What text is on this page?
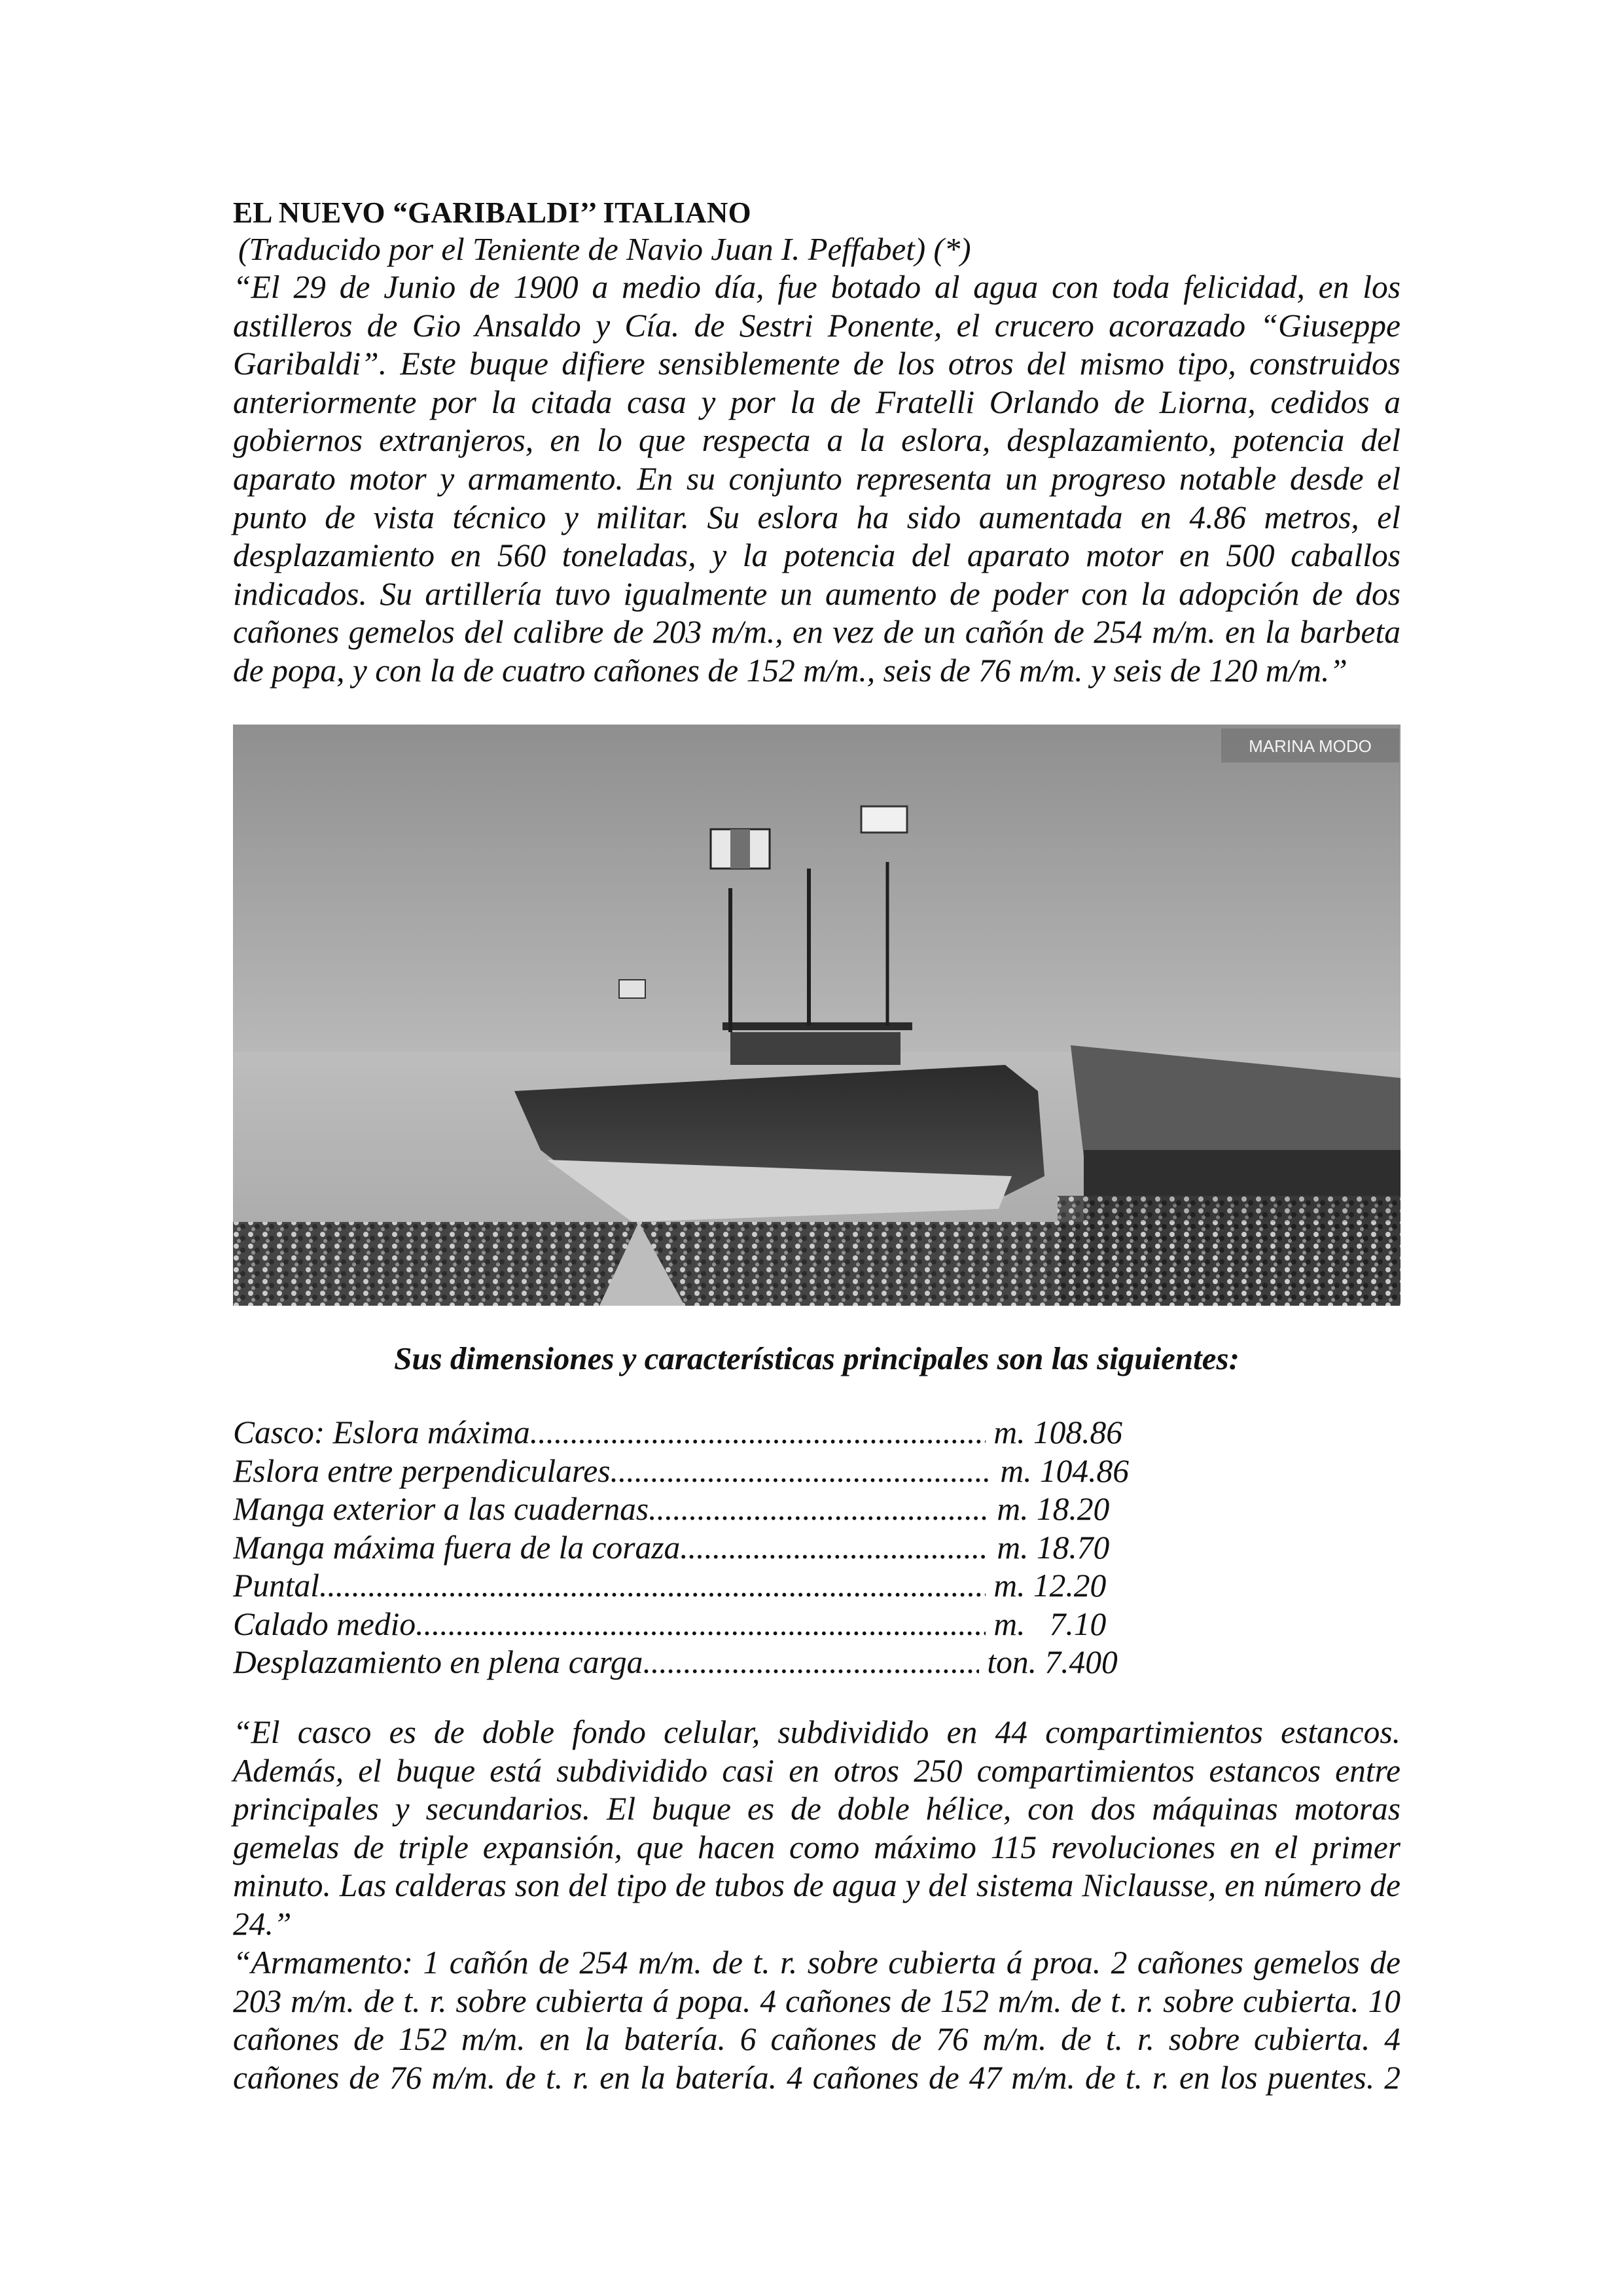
EL NUEVO “GARIBALDI’’ ITALIANO
(Traducido por el Teniente de Navio Juan I. Peffabet) (*)
“El 29 de Junio de 1900 a medio día, fue botado al agua con toda felicidad, en los astilleros de Gio Ansaldo y Cía. de Sestri Ponente, el crucero acorazado “Giuseppe Garibaldi”. Este buque difiere sensiblemente de los otros del mismo tipo, construidos anteriormente por la citada casa y por la de Fratelli Orlando de Liorna, cedidos a gobiernos extranjeros, en lo que respecta a la eslora, desplazamiento, potencia del aparato motor y armamento. En su conjunto representa un progreso notable desde el punto de vista técnico y militar. Su eslora ha sido aumentada en 4.86 metros, el desplazamiento en 560 toneladas, y la potencia del aparato motor en 500 caballos indicados. Su artillería tuvo igualmente un aumento de poder con la adopción de dos cañones gemelos del calibre de 203 m/m., en vez de un cañón de 254 m/m. en la barbeta de popa, y con la de cuatro cañones de 152 m/m., seis de 76 m/m. y seis de 120 m/m.”
MARINA MODO
Sus dimensiones y características principales son las siguientes:
Casco: Eslora máxima .....	m. 108.86
Eslora entre perpendiculares .....	m. 104.86
Manga exterior a las cuadernas .....	m. 18.20
Manga máxima fuera de la coraza .....	m. 18.70
Puntal .....	m. 12.20
Calado medio .....	m.   7.10
Desplazamiento en plena carga .....	ton. 7.400
“El casco es de doble fondo celular, subdividido en 44 compartimientos estancos. Además, el buque está subdividido casi en otros 250 compartimientos estancos entre principales y secundarios. El buque es de doble hélice, con dos máquinas motoras gemelas de triple expansión, que hacen como máximo 115 revoluciones en el primer minuto. Las calderas son del tipo de tubos de agua y del sistema Niclausse, en número de 24.”
“Armamento: 1 cañón de 254 m/m. de t. r. sobre cubierta á proa. 2 cañones gemelos de 203 m/m. de t. r. sobre cubierta á popa. 4 cañones de 152 m/m. de t. r. sobre cubierta. 10 cañones de 152 m/m. en la batería. 6 cañones de 76 m/m. de t. r. sobre cubierta. 4 cañones de 76 m/m. de t. r. en la batería. 4 cañones de 47 m/m. de t. r. en los puentes. 2
